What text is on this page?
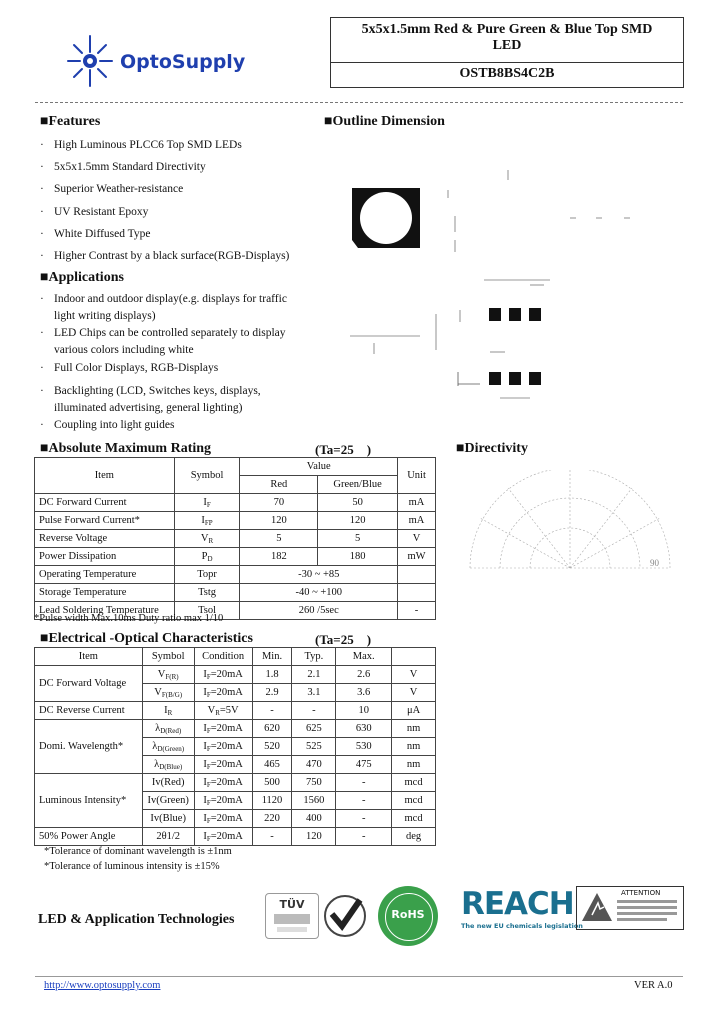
OptoSupply
5x5x1.5mm Red & Pure Green & Blue Top SMD
LED
OSTB8BS4C2B
■Features
· High Luminous PLCC6 Top SMD LEDs
· 5x5x1.5mm Standard Directivity
· Superior Weather-resistance
· UV Resistant Epoxy
· White Diffused Type
· Higher Contrast by a black surface(RGB-Displays)
■Outline Dimension
■Applications
· Indoor and outdoor display(e.g. displays for traffic
light writing displays)
· LED Chips can be controlled separately to display
various colors including white
· Full Color Displays, RGB-Displays
· Backlighting (LCD, Switches keys, displays,
illuminated advertising, general lighting)
· Coupling into light guides
■Absolute Maximum Rating	(Ta=25 )
Item	Symbol	Value		Unit
		Red	Green/Blue	
DC Forward Current	$I_F$	70	50	mA
Pulse Forward Current*	$I_{FP}$	120	120	mA
Reverse Voltage	$V_R$	5	5	V
Power Dissipation	$P_D$	182	180	mW
Operating Temperature	Topr	-30 ~ +85		
Storage Temperature	Tstg	-40 ~ +100		
Lead Soldering Temperature	Tsol	260 /5sec		-
*Pulse width Max.10ms Duty ratio max 1/10
■Directivity
90
■Electrical -Optical Characteristics	(Ta=25 )
Item	Symbol	Condition	Min.	Typ.	Max.	
DC Forward Voltage	$V_{F(R)}$	$I_F=20mA$	1.8	2.1	2.6	V
	$V_{F(B/G)}$	$I_F=20mA$	2.9	3.1	3.6	V
DC Reverse Current	$I_R$	$V_R=5V$	-	-	10	μA
Domi. Wavelength*	$\lambda_{D(Red)}$	$I_F=20mA$	620	625	630	nm
	$\lambda_{D(Green)}$	$I_F=20mA$	520	525	530	nm
	$\lambda_{D(Blue)}$	$I_F=20mA$	465	470	475	nm
Luminous Intensity*	Iv(Red)	$I_F=20mA$	500	750	-	mcd
	Iv(Green)	$I_F=20mA$	1120	1560	-	mcd
	Iv(Blue)	$I_F=20mA$	220	400	-	mcd
50% Power Angle	2θ1/2	$I_F=20mA$	-	120	-	deg
*Tolerance of dominant wavelength is ±1nm
*Tolerance of luminous intensity is ±15%
LED & Application Technologies
TÜV
RoHS	REACH
The new EU chemicals legislation
ATTENTION
http://www.optosupply.com	VER A.0
